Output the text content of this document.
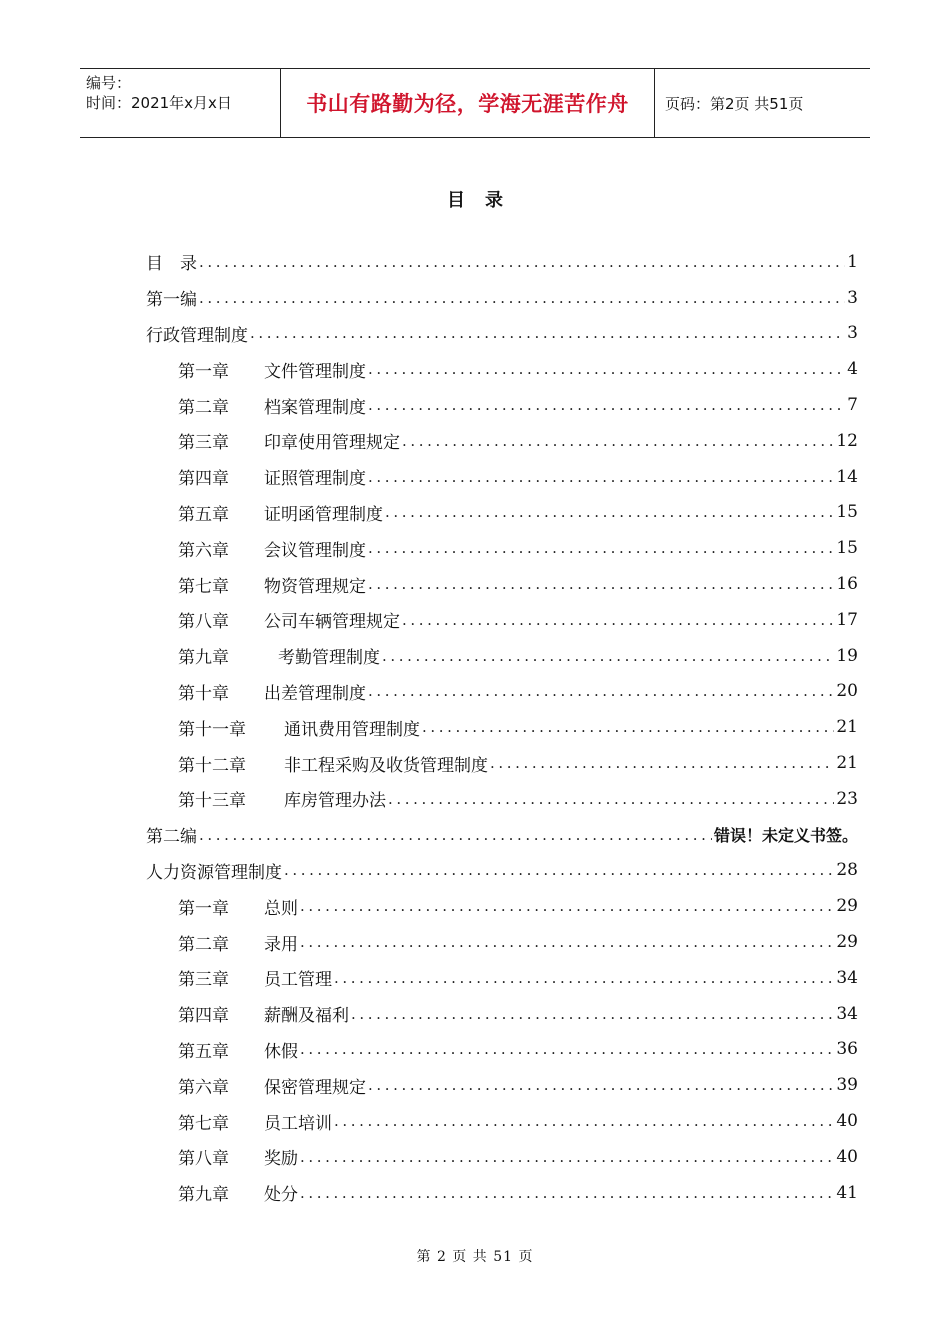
编号：
时间：2021年x月x日	书山有路勤为径，学海无涯苦作舟	页码：第2页 共51页
目录
目　录 .....	1
第一编 .....	3
行政管理制度 .....	3
第一章	文件管理制度 .....	4
第二章	档案管理制度 .....	7
第三章	印章使用管理规定 .....	12
第四章	证照管理制度 .....	14
第五章	证明函管理制度 .....	15
第六章	会议管理制度 .....	15
第七章	物资管理规定 .....	16
第八章	公司车辆管理规定 .....	17
第九章	考勤管理制度 .....	19
第十章	出差管理制度 .....	20
第十一章	通讯费用管理制度 .....	21
第十二章	非工程采购及收货管理制度 .....	21
第十三章	库房管理办法 .....	23
第二编 .....	错误！未定义书签。
人力资源管理制度 .....	28
第一章	总则 .....	29
第二章	录用 .....	29
第三章	员工管理 .....	34
第四章	薪酬及福利 .....	34
第五章	休假 .....	36
第六章	保密管理规定 .....	39
第七章	员工培训 .....	40
第八章	奖励 .....	40
第九章	处分 .....	41
第 2 页 共 51 页
